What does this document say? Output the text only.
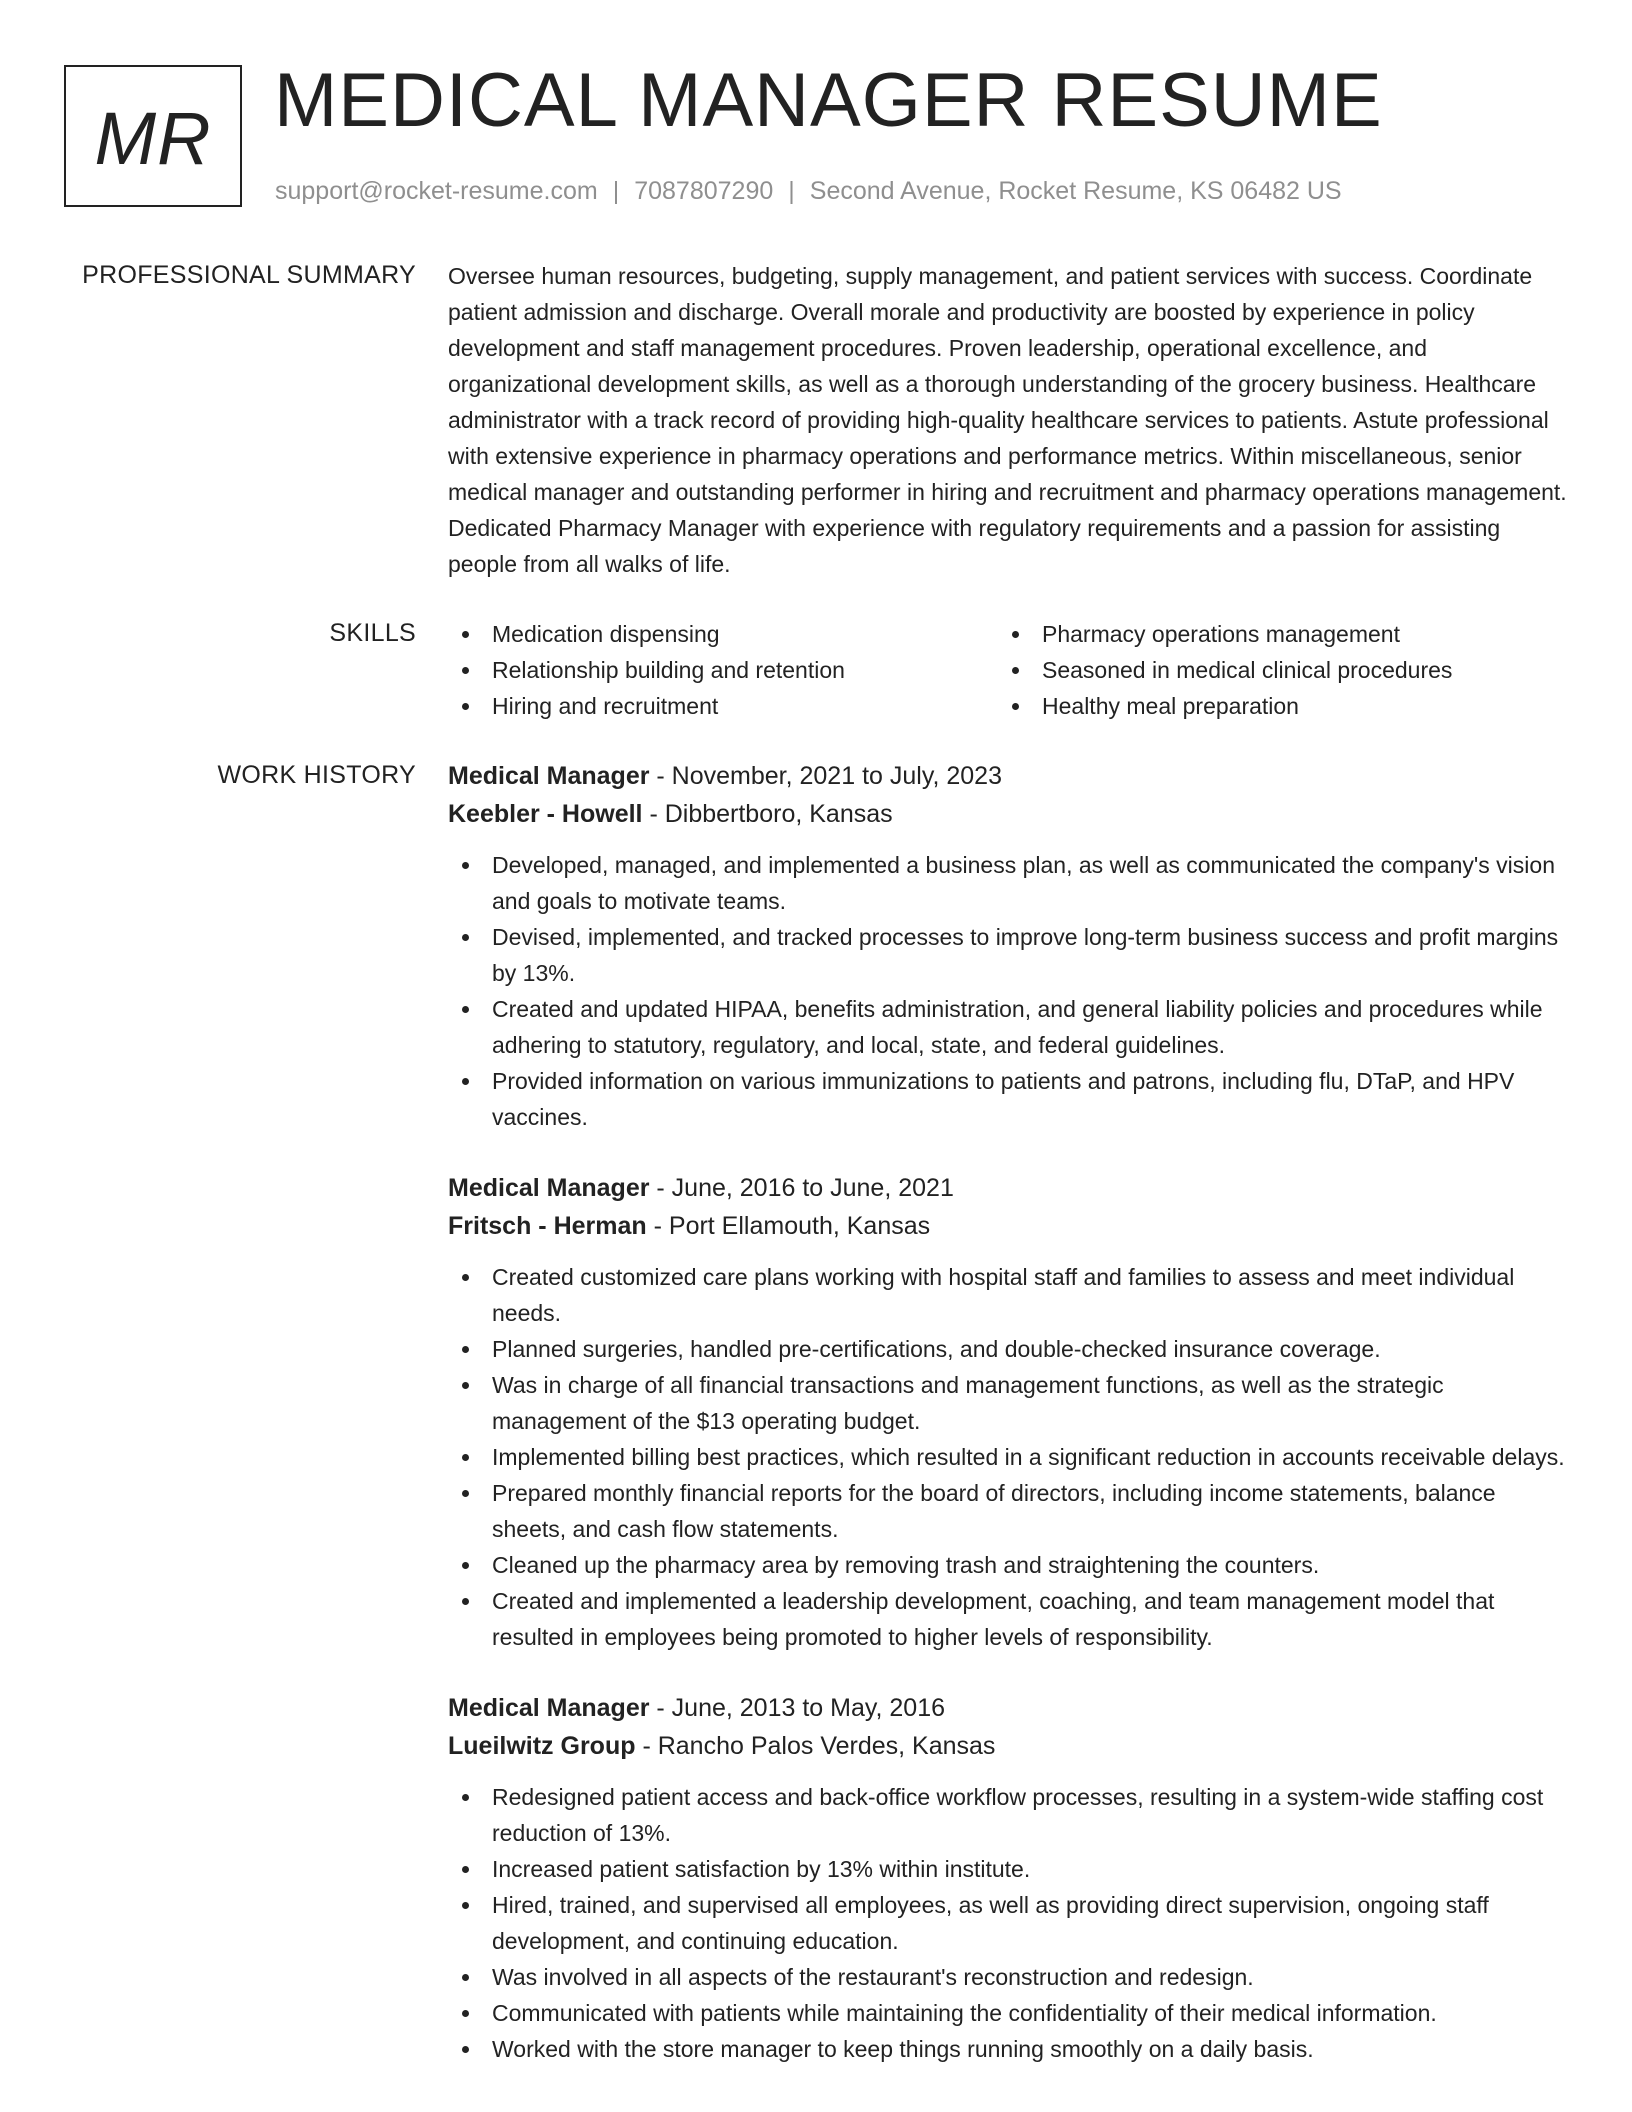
MR MEDICAL MANAGER RESUME
support@rocket-resume.com | 7087807290 | Second Avenue, Rocket Resume, KS 06482 US
PROFESSIONAL SUMMARY Oversee human resources, budgeting, supply management, and patient services with success. Coordinate patient admission and discharge. Overall morale and productivity are boosted by experience in policy development and staff management procedures. Proven leadership, operational excellence, and organizational development skills, as well as a thorough understanding of the grocery business. Healthcare administrator with a track record of providing high-quality healthcare services to patients. Astute professional with extensive experience in pharmacy operations and performance metrics. Within miscellaneous, senior medical manager and outstanding performer in hiring and recruitment and pharmacy operations management. Dedicated Pharmacy Manager with experience with regulatory requirements and a passion for assisting people from all walks of life.
SKILLS	Medication dispensing
Relationship building and retention
Hiring and recruitment
Pharmacy operations management
Seasoned in medical clinical procedures
Healthy meal preparation
WORK HISTORY Medical Manager - November, 2021 to July, 2023
Keebler - Howell - Dibbertboro, Kansas
Developed, managed, and implemented a business plan, as well as communicated the company's vision and goals to motivate teams.
Devised, implemented, and tracked processes to improve long-term business success and profit margins by 13%.
Created and updated HIPAA, benefits administration, and general liability policies and procedures while adhering to statutory, regulatory, and local, state, and federal guidelines.
Provided information on various immunizations to patients and patrons, including flu, DTaP, and HPV vaccines.
Medical Manager - June, 2016 to June, 2021
Fritsch - Herman - Port Ellamouth, Kansas
Created customized care plans working with hospital staff and families to assess and meet individual needs.
Planned surgeries, handled pre-certifications, and double-checked insurance coverage.
Was in charge of all financial transactions and management functions, as well as the strategic management of the $13 operating budget.
Implemented billing best practices, which resulted in a significant reduction in accounts receivable delays.
Prepared monthly financial reports for the board of directors, including income statements, balance sheets, and cash flow statements.
Cleaned up the pharmacy area by removing trash and straightening the counters.
Created and implemented a leadership development, coaching, and team management model that resulted in employees being promoted to higher levels of responsibility.
Medical Manager - June, 2013 to May, 2016
Lueilwitz Group - Rancho Palos Verdes, Kansas
Redesigned patient access and back-office workflow processes, resulting in a system-wide staffing cost reduction of 13%.
Increased patient satisfaction by 13% within institute.
Hired, trained, and supervised all employees, as well as providing direct supervision, ongoing staff development, and continuing education.
Was involved in all aspects of the restaurant's reconstruction and redesign.
Communicated with patients while maintaining the confidentiality of their medical information.
Worked with the store manager to keep things running smoothly on a daily basis.
